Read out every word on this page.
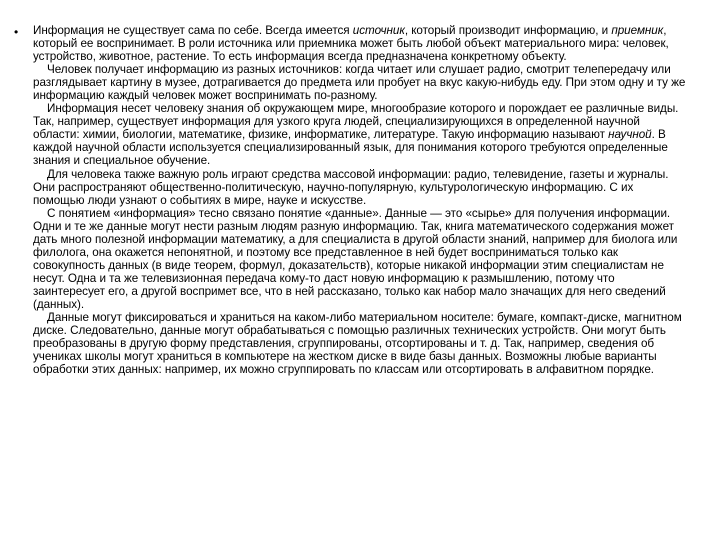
• Информация не существует сама по себе. Всегда имеется источник, который производит информацию, и приемник, который ее воспринимает. В роли источника или приемника может быть любой объект материального мира: человек, устройство, животное, растение. То есть информация всегда предназначена конкретному объекту.

Человек получает информацию из разных источников: когда читает или слушает радио, смотрит телепередачу или разглядывает картину в музее, дотрагивается до предмета или пробует на вкус какую-нибудь еду. При этом одну и ту же информацию каждый человек может воспринимать по-разному.

Информация несет человеку знания об окружающем мире, многообразие которого и порождает ее различные виды. Так, например, существует информация для узкого круга людей, специализирующихся в определенной научной области: химии, биологии, математике, физике, информатике, литературе. Такую информацию называют научной. В каждой научной области используется специализированный язык, для понимания которого требуются определенные знания и специальное обучение.

Для человека также важную роль играют средства массовой информации: радио, телевидение, газеты и журналы. Они распространяют общественно-политическую, научно-популярную, культурологическую информацию. С их помощью люди узнают о событиях в мире, науке и искусстве.

С понятием «информация» тесно связано понятие «данные». Данные — это «сырье» для получения информации. Одни и те же данные могут нести разным людям разную информацию. Так, книга математического содержания может дать много полезной информации математику, а для специалиста в другой области знаний, например для биолога или филолога, она окажется непонятной, и поэтому все представленное в ней будет восприниматься только как совокупность данных (в виде теорем, формул, доказательств), которые никакой информации этим специалистам не несут. Одна и та же телевизионная передача кому-то даст новую информацию к размышлению, потому что заинтересует его, а другой воспримет все, что в ней рассказано, только как набор мало значащих для него сведений (данных).

Данные могут фиксироваться и храниться на каком-либо материальном носителе: бумаге, компакт-диске, магнитном диске. Следовательно, данные могут обрабатываться с помощью различных технических устройств. Они могут быть преобразованы в другую форму представления, сгруппированы, отсортированы и т. д. Так, например, сведения об учениках школы могут храниться в компьютере на жестком диске в виде базы данных. Возможны любые варианты обработки этих данных: например, их можно сгруппировать по классам или отсортировать в алфавитном порядке.
